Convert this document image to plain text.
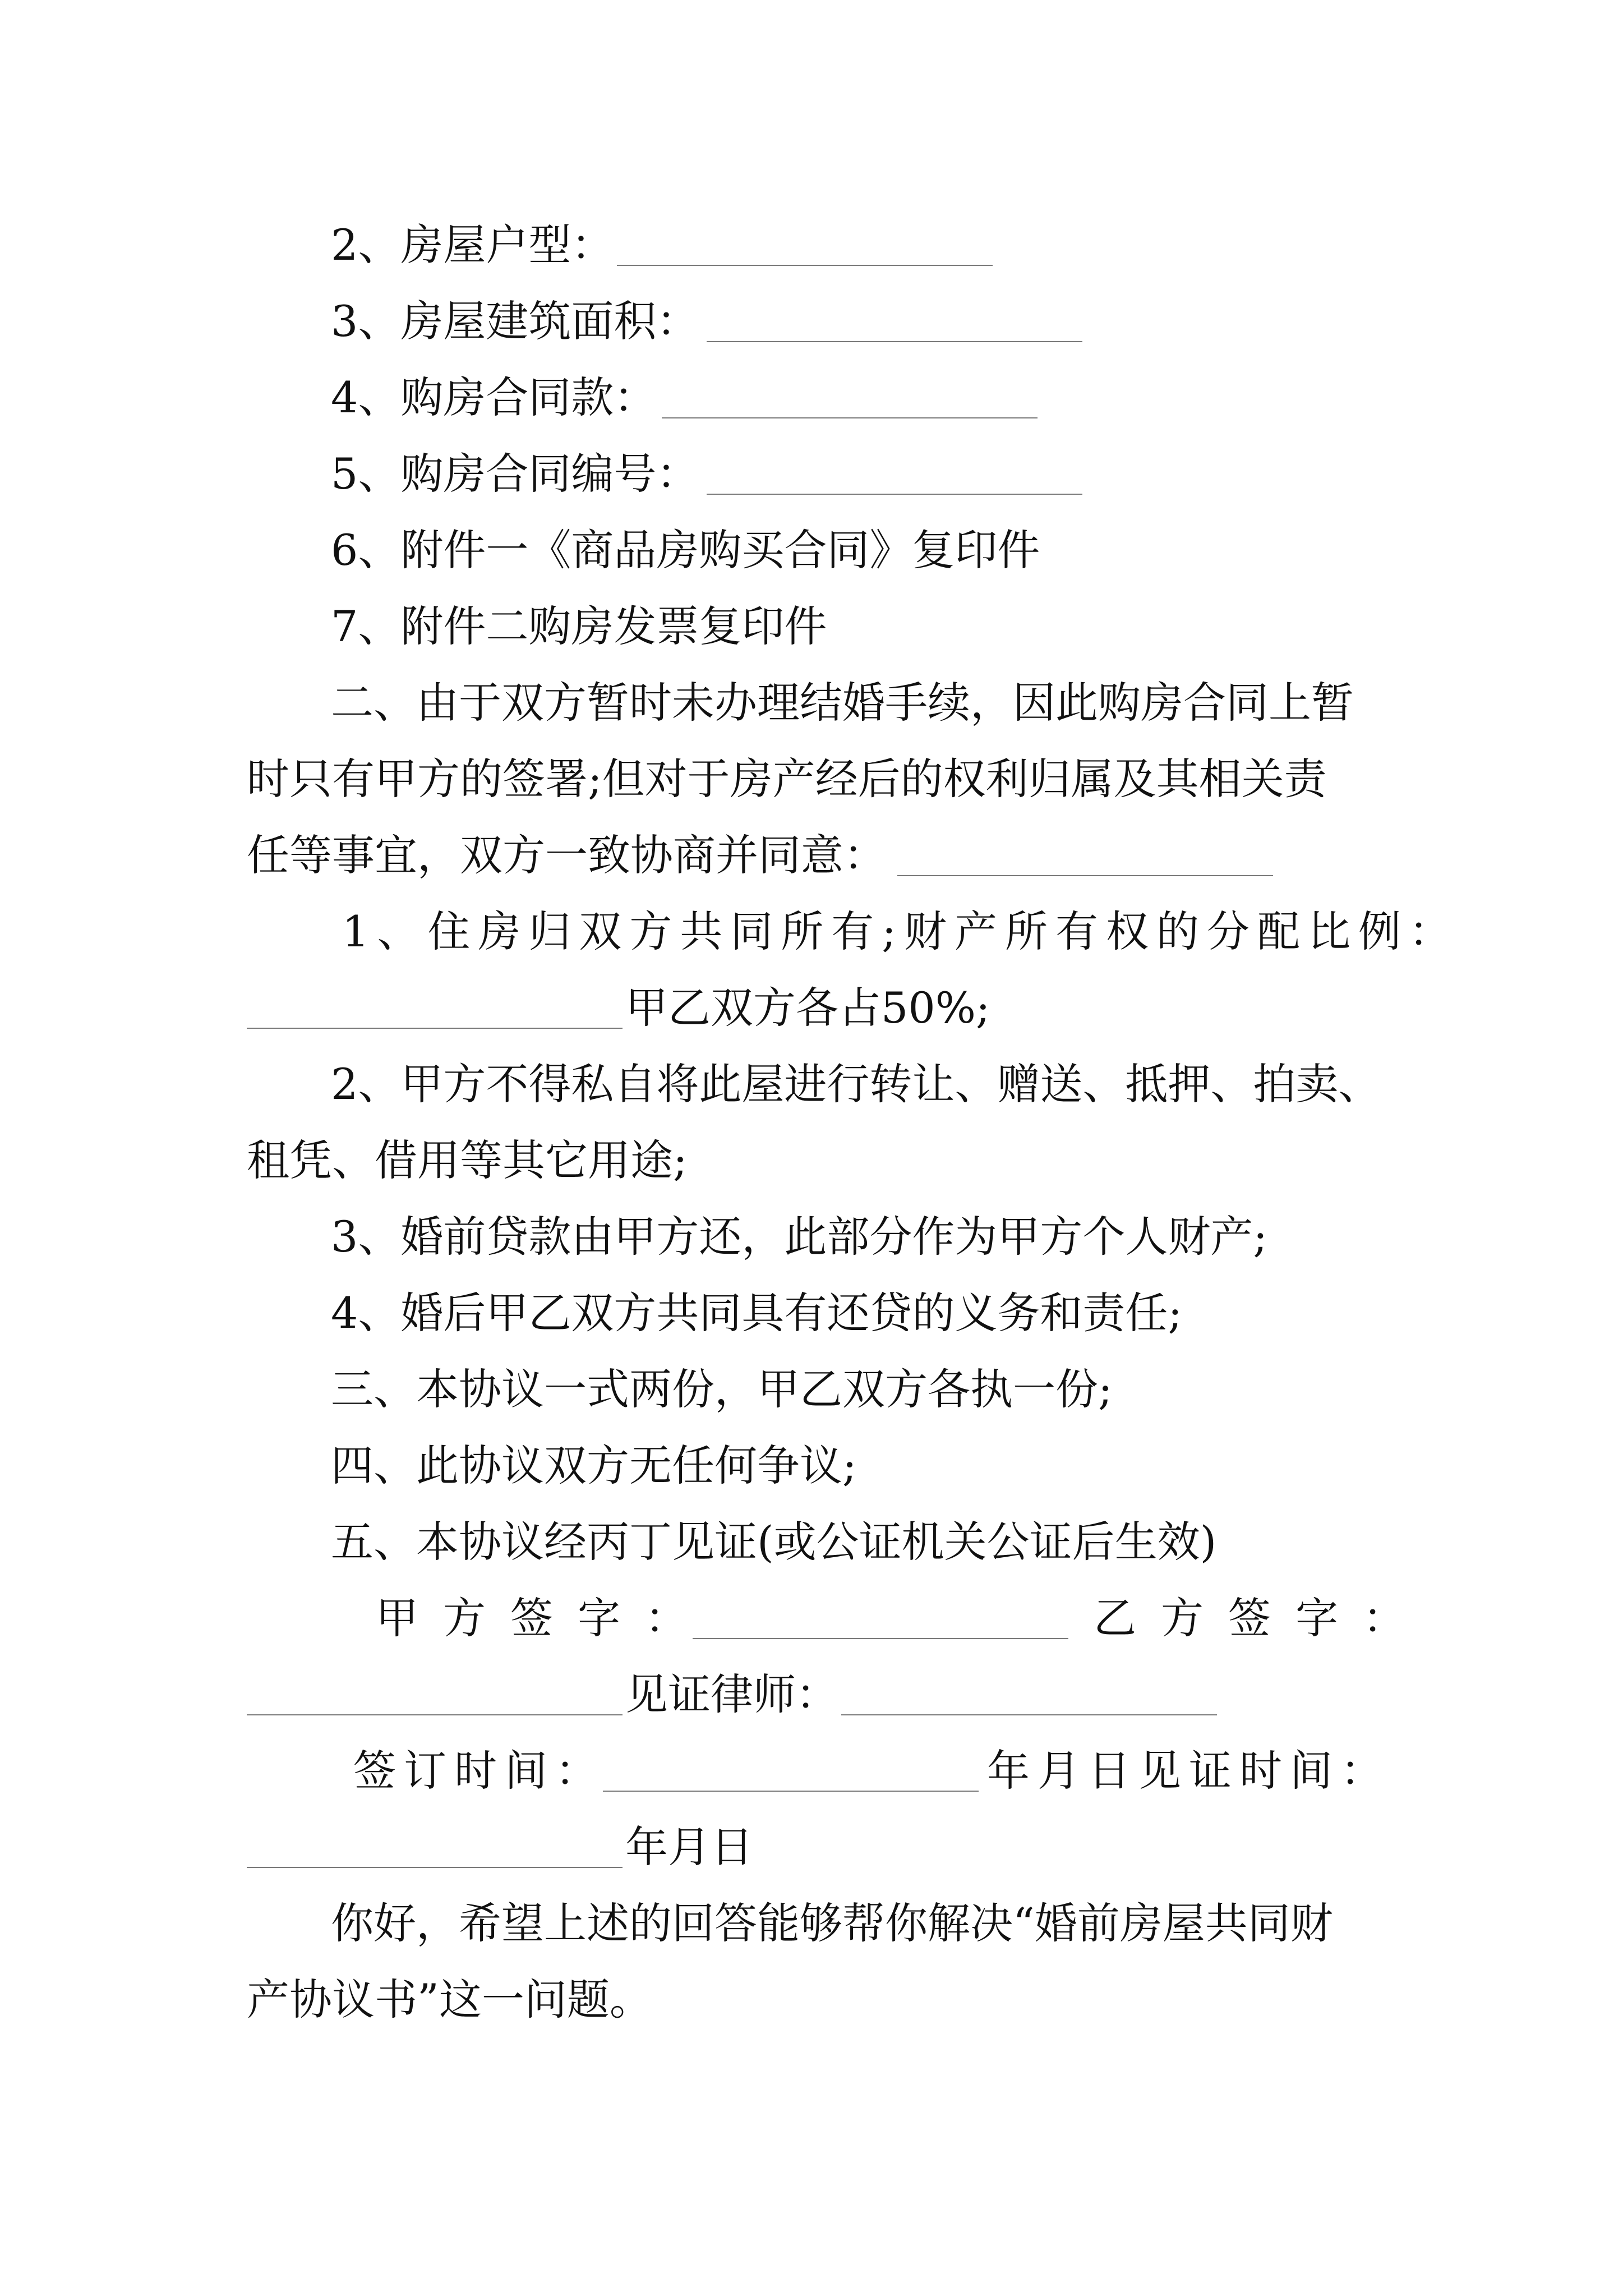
2、房屋户型：
3、房屋建筑面积：
4、购房合同款：
5、购房合同编号：
6、附件一《商品房购买合同》复印件
7、附件二购房发票复印件
二、由于双方暂时未办理结婚手续，因此购房合同上暂
时只有甲方的签署;但对于房产经后的权利归属及其相关责
任等事宜，双方一致协商并同意：
1、住房归双方共同所有;财产所有权的分配比例：
甲乙双方各占50%;
2、甲方不得私自将此屋进行转让、赠送、抵押、拍卖、
租凭、借用等其它用途;
3、婚前贷款由甲方还，此部分作为甲方个人财产;
4、婚后甲乙双方共同具有还贷的义务和责任;
三、本协议一式两份，甲乙双方各执一份;
四、此协议双方无任何争议;
五、本协议经丙丁见证(或公证机关公证后生效)
甲方签字：	乙方签字：
见证律师：
签订时间：	年月日见证时间：
年月日
你好，希望上述的回答能够帮你解决“婚前房屋共同财
产协议书”这一问题。
